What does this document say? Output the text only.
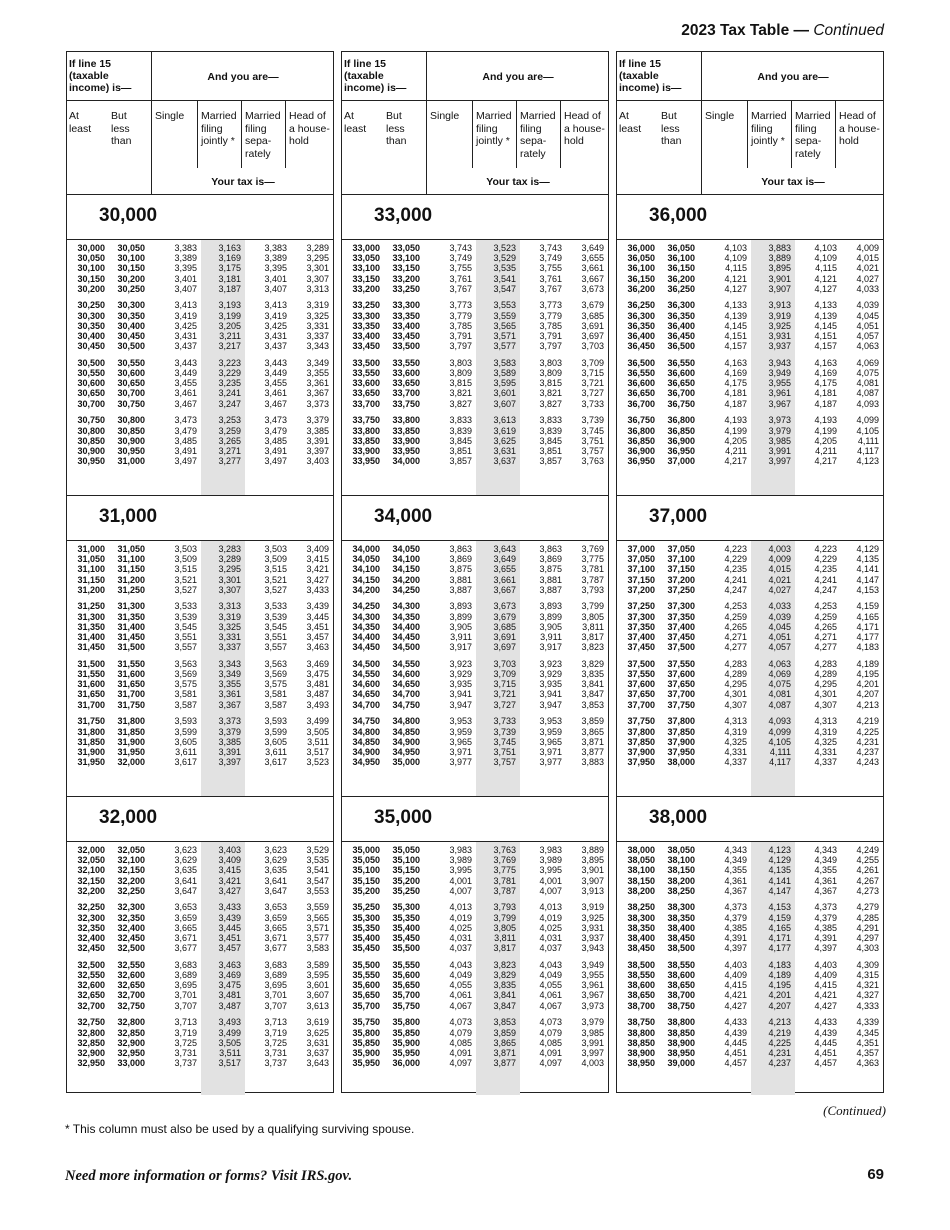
2023 Tax Table — Continued
If line 15 (taxable income) is—
And you are—
At least
But less than
Single Married filing jointly *
Married filing sepa-rately
Head of a house-hold
Your tax is—
30,000
30,000	30,050	3,383	3,163	3,383	3,289
30,050	30,100	3,389	3,169	3,389	3,295
30,100	30,150	3,395	3,175	3,395	3,301
30,150	30,200	3,401	3,181	3,401	3,307
30,200	30,250	3,407	3,187	3,407	3,313
30,250	30,300	3,413	3,193	3,413	3,319
30,300	30,350	3,419	3,199	3,419	3,325
30,350	30,400	3,425	3,205	3,425	3,331
30,400	30,450	3,431	3,211	3,431	3,337
30,450	30,500	3,437	3,217	3,437	3,343
30,500	30,550	3,443	3,223	3,443	3,349
30,550	30,600	3,449	3,229	3,449	3,355
30,600	30,650	3,455	3,235	3,455	3,361
30,650	30,700	3,461	3,241	3,461	3,367
30,700	30,750	3,467	3,247	3,467	3,373
30,750	30,800	3,473	3,253	3,473	3,379
30,800	30,850	3,479	3,259	3,479	3,385
30,850	30,900	3,485	3,265	3,485	3,391
30,900	30,950	3,491	3,271	3,491	3,397
30,950	31,000	3,497	3,277	3,497	3,403
31,000
31,000	31,050	3,503	3,283	3,503	3,409
31,050	31,100	3,509	3,289	3,509	3,415
31,100	31,150	3,515	3,295	3,515	3,421
31,150	31,200	3,521	3,301	3,521	3,427
31,200	31,250	3,527	3,307	3,527	3,433
31,250	31,300	3,533	3,313	3,533	3,439
31,300	31,350	3,539	3,319	3,539	3,445
31,350	31,400	3,545	3,325	3,545	3,451
31,400	31,450	3,551	3,331	3,551	3,457
31,450	31,500	3,557	3,337	3,557	3,463
31,500	31,550	3,563	3,343	3,563	3,469
31,550	31,600	3,569	3,349	3,569	3,475
31,600	31,650	3,575	3,355	3,575	3,481
31,650	31,700	3,581	3,361	3,581	3,487
31,700	31,750	3,587	3,367	3,587	3,493
31,750	31,800	3,593	3,373	3,593	3,499
31,800	31,850	3,599	3,379	3,599	3,505
31,850	31,900	3,605	3,385	3,605	3,511
31,900	31,950	3,611	3,391	3,611	3,517
31,950	32,000	3,617	3,397	3,617	3,523
32,000
32,000	32,050	3,623	3,403	3,623	3,529
32,050	32,100	3,629	3,409	3,629	3,535
32,100	32,150	3,635	3,415	3,635	3,541
32,150	32,200	3,641	3,421	3,641	3,547
32,200	32,250	3,647	3,427	3,647	3,553
32,250	32,300	3,653	3,433	3,653	3,559
32,300	32,350	3,659	3,439	3,659	3,565
32,350	32,400	3,665	3,445	3,665	3,571
32,400	32,450	3,671	3,451	3,671	3,577
32,450	32,500	3,677	3,457	3,677	3,583
32,500	32,550	3,683	3,463	3,683	3,589
32,550	32,600	3,689	3,469	3,689	3,595
32,600	32,650	3,695	3,475	3,695	3,601
32,650	32,700	3,701	3,481	3,701	3,607
32,700	32,750	3,707	3,487	3,707	3,613
32,750	32,800	3,713	3,493	3,713	3,619
32,800	32,850	3,719	3,499	3,719	3,625
32,850	32,900	3,725	3,505	3,725	3,631
32,900	32,950	3,731	3,511	3,731	3,637
32,950	33,000	3,737	3,517	3,737	3,643
If line 15 (taxable income) is—
And you are—
At least
But less than
Single Married filing jointly *
Married filing sepa-rately
Head of a house-hold
Your tax is—
33,000
33,000	33,050	3,743	3,523	3,743	3,649
33,050	33,100	3,749	3,529	3,749	3,655
33,100	33,150	3,755	3,535	3,755	3,661
33,150	33,200	3,761	3,541	3,761	3,667
33,200	33,250	3,767	3,547	3,767	3,673
33,250	33,300	3,773	3,553	3,773	3,679
33,300	33,350	3,779	3,559	3,779	3,685
33,350	33,400	3,785	3,565	3,785	3,691
33,400	33,450	3,791	3,571	3,791	3,697
33,450	33,500	3,797	3,577	3,797	3,703
33,500	33,550	3,803	3,583	3,803	3,709
33,550	33,600	3,809	3,589	3,809	3,715
33,600	33,650	3,815	3,595	3,815	3,721
33,650	33,700	3,821	3,601	3,821	3,727
33,700	33,750	3,827	3,607	3,827	3,733
33,750	33,800	3,833	3,613	3,833	3,739
33,800	33,850	3,839	3,619	3,839	3,745
33,850	33,900	3,845	3,625	3,845	3,751
33,900	33,950	3,851	3,631	3,851	3,757
33,950	34,000	3,857	3,637	3,857	3,763
34,000
34,000	34,050	3,863	3,643	3,863	3,769
34,050	34,100	3,869	3,649	3,869	3,775
34,100	34,150	3,875	3,655	3,875	3,781
34,150	34,200	3,881	3,661	3,881	3,787
34,200	34,250	3,887	3,667	3,887	3,793
34,250	34,300	3,893	3,673	3,893	3,799
34,300	34,350	3,899	3,679	3,899	3,805
34,350	34,400	3,905	3,685	3,905	3,811
34,400	34,450	3,911	3,691	3,911	3,817
34,450	34,500	3,917	3,697	3,917	3,823
34,500	34,550	3,923	3,703	3,923	3,829
34,550	34,600	3,929	3,709	3,929	3,835
34,600	34,650	3,935	3,715	3,935	3,841
34,650	34,700	3,941	3,721	3,941	3,847
34,700	34,750	3,947	3,727	3,947	3,853
34,750	34,800	3,953	3,733	3,953	3,859
34,800	34,850	3,959	3,739	3,959	3,865
34,850	34,900	3,965	3,745	3,965	3,871
34,900	34,950	3,971	3,751	3,971	3,877
34,950	35,000	3,977	3,757	3,977	3,883
35,000
35,000	35,050	3,983	3,763	3,983	3,889
35,050	35,100	3,989	3,769	3,989	3,895
35,100	35,150	3,995	3,775	3,995	3,901
35,150	35,200	4,001	3,781	4,001	3,907
35,200	35,250	4,007	3,787	4,007	3,913
35,250	35,300	4,013	3,793	4,013	3,919
35,300	35,350	4,019	3,799	4,019	3,925
35,350	35,400	4,025	3,805	4,025	3,931
35,400	35,450	4,031	3,811	4,031	3,937
35,450	35,500	4,037	3,817	4,037	3,943
35,500	35,550	4,043	3,823	4,043	3,949
35,550	35,600	4,049	3,829	4,049	3,955
35,600	35,650	4,055	3,835	4,055	3,961
35,650	35,700	4,061	3,841	4,061	3,967
35,700	35,750	4,067	3,847	4,067	3,973
35,750	35,800	4,073	3,853	4,073	3,979
35,800	35,850	4,079	3,859	4,079	3,985
35,850	35,900	4,085	3,865	4,085	3,991
35,900	35,950	4,091	3,871	4,091	3,997
35,950	36,000	4,097	3,877	4,097	4,003
If line 15 (taxable income) is—
And you are—
At least
But less than
Single Married filing jointly *
Married filing sepa-rately
Head of a house-hold
Your tax is—
36,000
36,000	36,050	4,103	3,883	4,103	4,009
36,050	36,100	4,109	3,889	4,109	4,015
36,100	36,150	4,115	3,895	4,115	4,021
36,150	36,200	4,121	3,901	4,121	4,027
36,200	36,250	4,127	3,907	4,127	4,033
36,250	36,300	4,133	3,913	4,133	4,039
36,300	36,350	4,139	3,919	4,139	4,045
36,350	36,400	4,145	3,925	4,145	4,051
36,400	36,450	4,151	3,931	4,151	4,057
36,450	36,500	4,157	3,937	4,157	4,063
36,500	36,550	4,163	3,943	4,163	4,069
36,550	36,600	4,169	3,949	4,169	4,075
36,600	36,650	4,175	3,955	4,175	4,081
36,650	36,700	4,181	3,961	4,181	4,087
36,700	36,750	4,187	3,967	4,187	4,093
36,750	36,800	4,193	3,973	4,193	4,099
36,800	36,850	4,199	3,979	4,199	4,105
36,850	36,900	4,205	3,985	4,205	4,111
36,900	36,950	4,211	3,991	4,211	4,117
36,950	37,000	4,217	3,997	4,217	4,123
37,000
37,000	37,050	4,223	4,003	4,223	4,129
37,050	37,100	4,229	4,009	4,229	4,135
37,100	37,150	4,235	4,015	4,235	4,141
37,150	37,200	4,241	4,021	4,241	4,147
37,200	37,250	4,247	4,027	4,247	4,153
37,250	37,300	4,253	4,033	4,253	4,159
37,300	37,350	4,259	4,039	4,259	4,165
37,350	37,400	4,265	4,045	4,265	4,171
37,400	37,450	4,271	4,051	4,271	4,177
37,450	37,500	4,277	4,057	4,277	4,183
37,500	37,550	4,283	4,063	4,283	4,189
37,550	37,600	4,289	4,069	4,289	4,195
37,600	37,650	4,295	4,075	4,295	4,201
37,650	37,700	4,301	4,081	4,301	4,207
37,700	37,750	4,307	4,087	4,307	4,213
37,750	37,800	4,313	4,093	4,313	4,219
37,800	37,850	4,319	4,099	4,319	4,225
37,850	37,900	4,325	4,105	4,325	4,231
37,900	37,950	4,331	4,111	4,331	4,237
37,950	38,000	4,337	4,117	4,337	4,243
38,000
38,000	38,050	4,343	4,123	4,343	4,249
38,050	38,100	4,349	4,129	4,349	4,255
38,100	38,150	4,355	4,135	4,355	4,261
38,150	38,200	4,361	4,141	4,361	4,267
38,200	38,250	4,367	4,147	4,367	4,273
38,250	38,300	4,373	4,153	4,373	4,279
38,300	38,350	4,379	4,159	4,379	4,285
38,350	38,400	4,385	4,165	4,385	4,291
38,400	38,450	4,391	4,171	4,391	4,297
38,450	38,500	4,397	4,177	4,397	4,303
38,500	38,550	4,403	4,183	4,403	4,309
38,550	38,600	4,409	4,189	4,409	4,315
38,600	38,650	4,415	4,195	4,415	4,321
38,650	38,700	4,421	4,201	4,421	4,327
38,700	38,750	4,427	4,207	4,427	4,333
38,750	38,800	4,433	4,213	4,433	4,339
38,800	38,850	4,439	4,219	4,439	4,345
38,850	38,900	4,445	4,225	4,445	4,351
38,900	38,950	4,451	4,231	4,451	4,357
38,950	39,000	4,457	4,237	4,457	4,363
(Continued)
* This column must also be used by a qualifying surviving spouse.
Need more information or forms? Visit IRS.gov.	69
